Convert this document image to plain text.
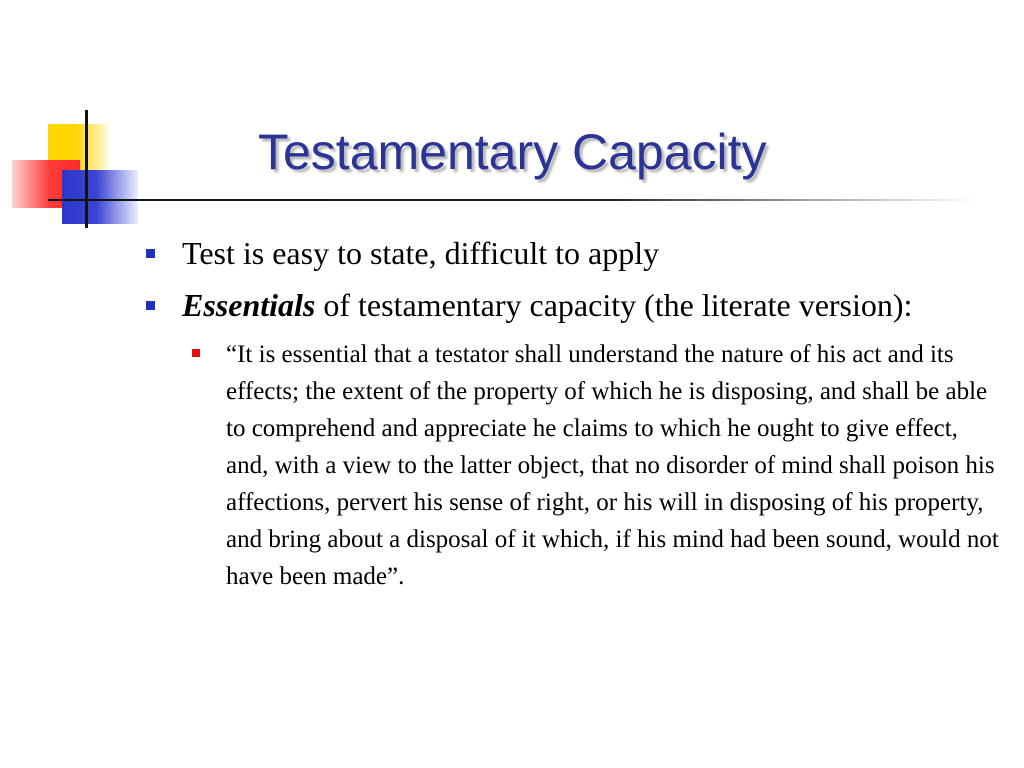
Testamentary Capacity
Test is easy to state, difficult to apply
Essentials of testamentary capacity (the literate version):
“It is essential that a testator shall understand the nature of his act and its effects; the extent of the property of which he is disposing, and shall be able to comprehend and appreciate he claims to which he ought to give effect, and, with a view to the latter object, that no disorder of mind shall poison his affections, pervert his sense of right, or his will in disposing of his property, and bring about a disposal of it which, if his mind had been sound, would not have been made”.
